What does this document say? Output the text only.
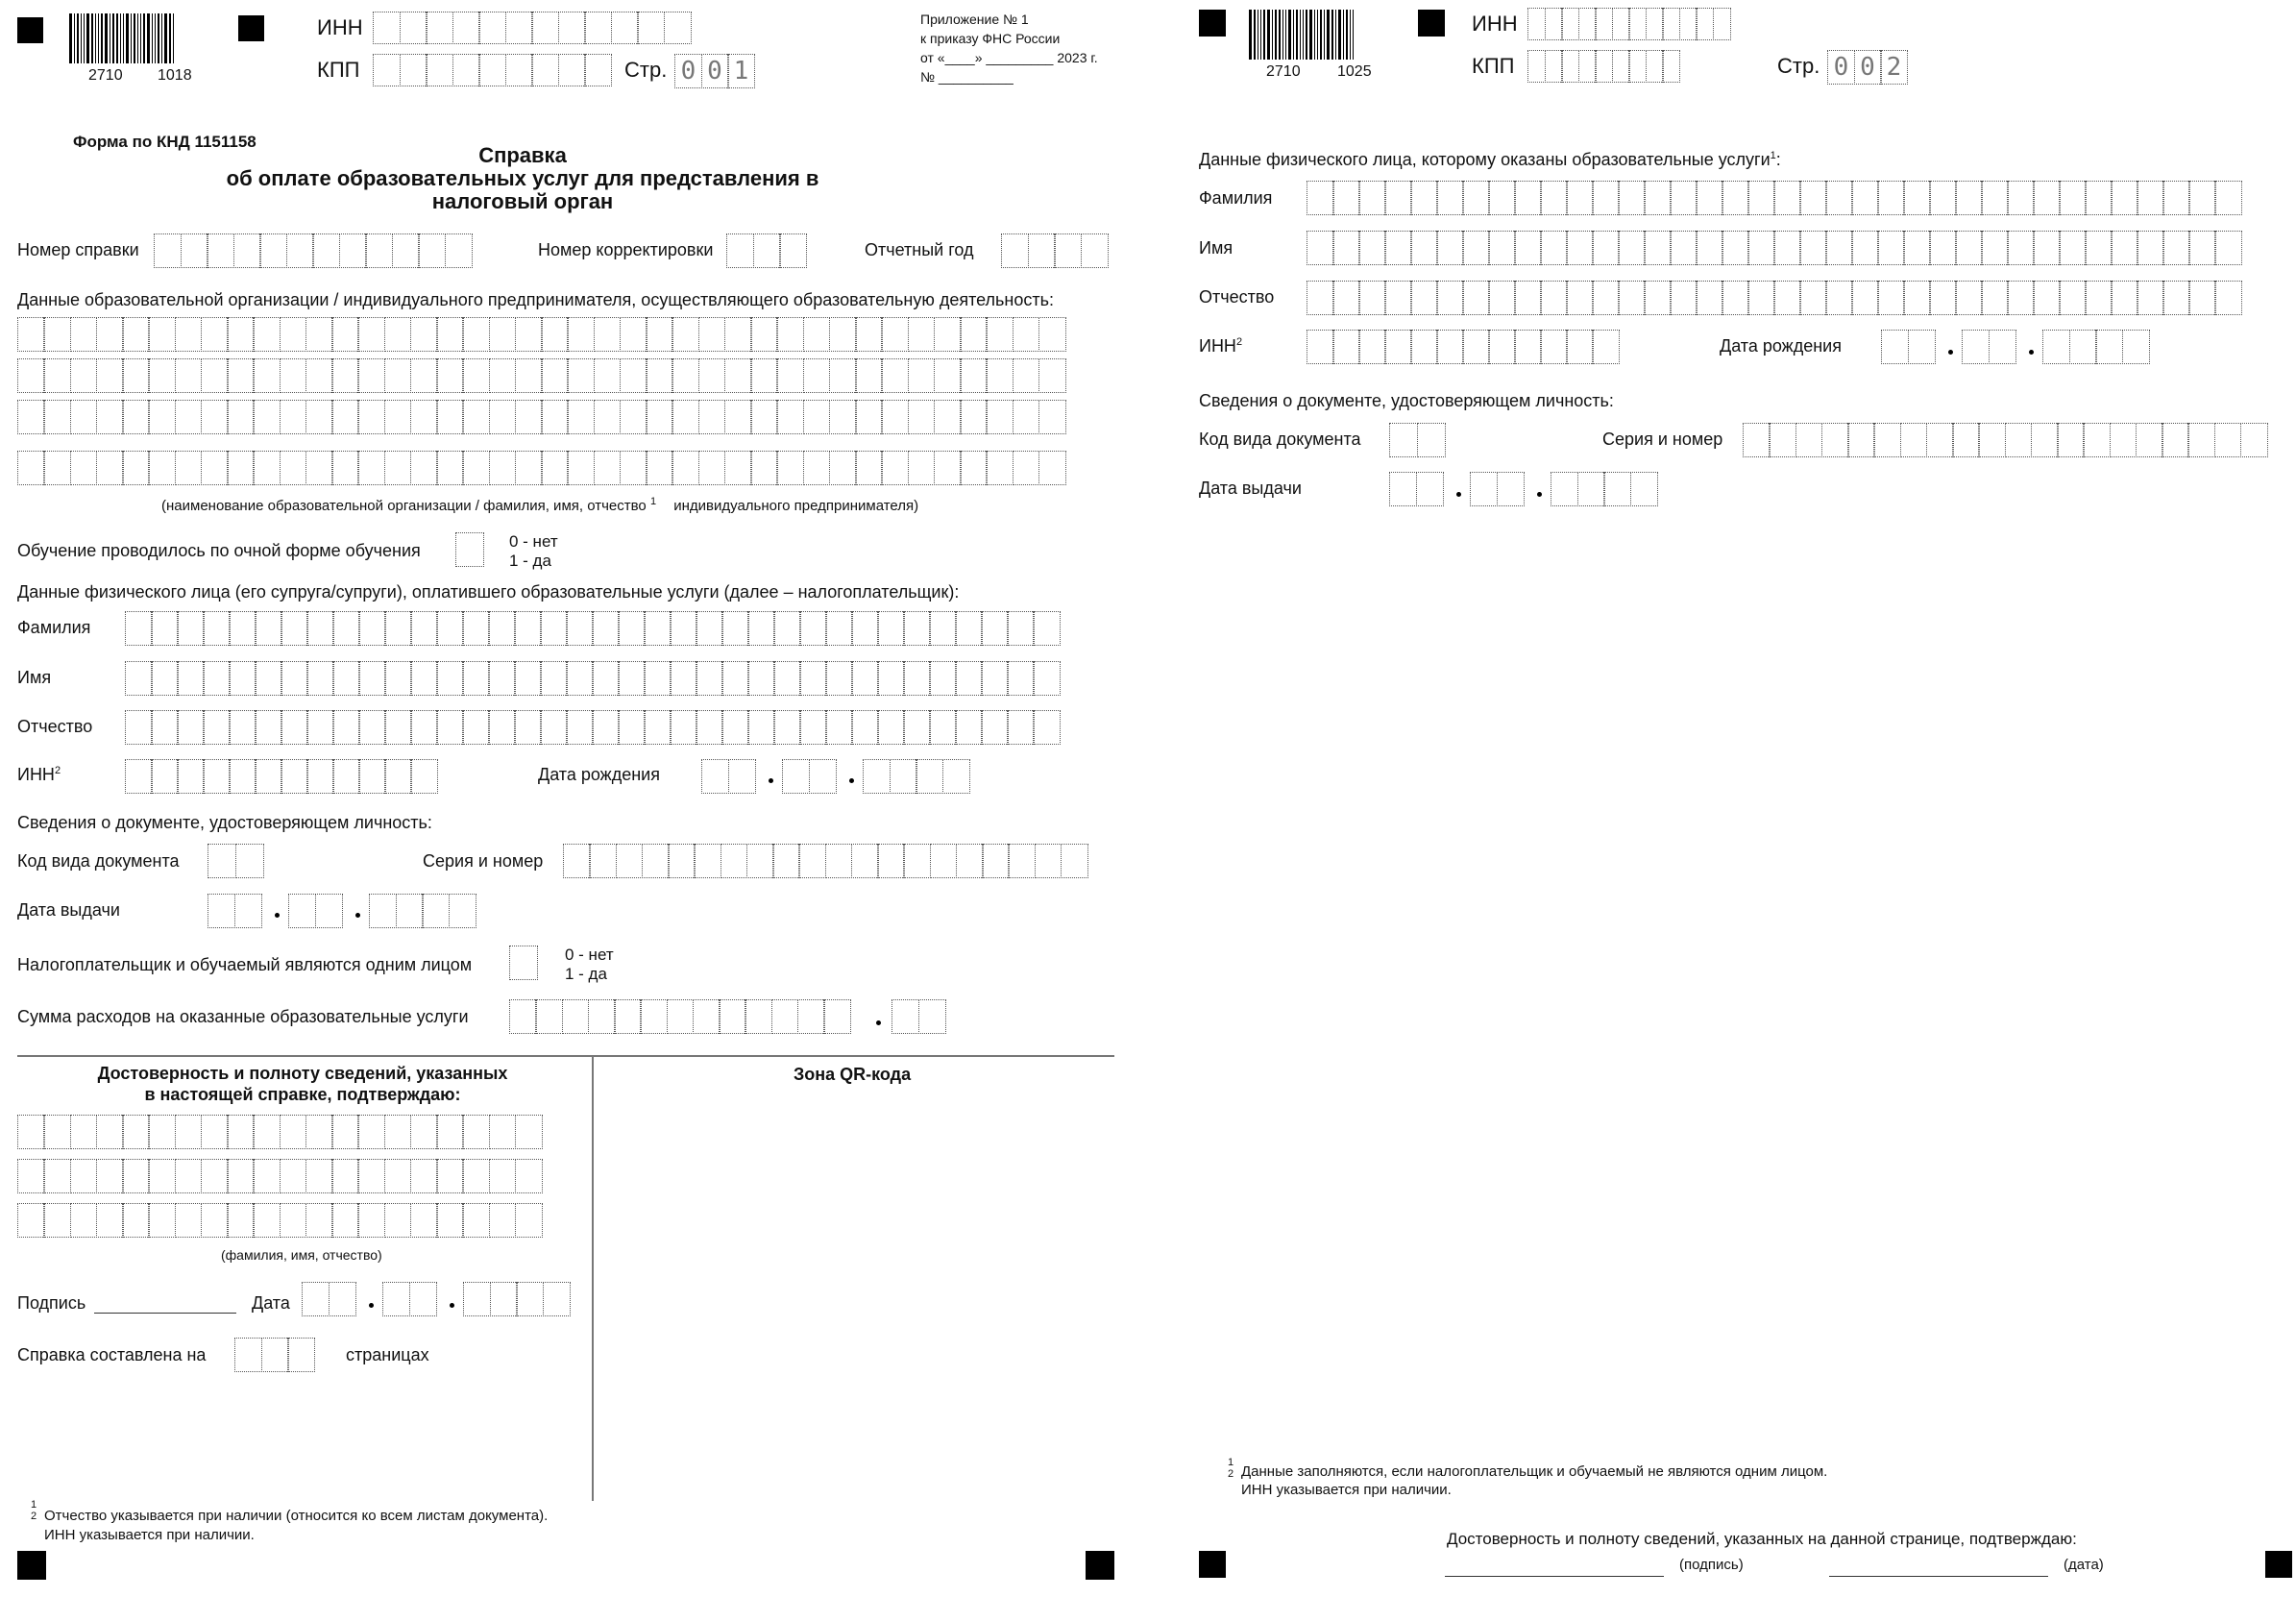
2710 1018
ИНН
КПП	Стр. 0 0 1
Приложение № 1
к приказу ФНС России
от «____» _________ 2023 г.
№ __________
Форма по КНД 1151158
Справка
об оплате образовательных услуг для представления в
налоговый орган
Номер справки	Номер корректировки	Отчетный год
Данные образовательной организации / индивидуального предпринимателя, осуществляющего образовательную деятельность:
(наименование образовательной организации / фамилия, имя, отчество $^1$ индивидуального предпринимателя)
Обучение проводилось по очной форме обучения	0 - нет
1 - да
Данные физического лица (его супруга/супруги), оплатившего образовательные услуги (далее – налогоплательщик):
Фамилия
Имя
Отчество
ИНН$^2$	Дата рождения
Сведения о документе, удостоверяющем личность:
Код вида документа	Серия и номер
Дата выдачи
Налогоплательщик и обучаемый являются одним лицом
0 - нет
1 - да
Сумма расходов на оказанные образовательные услуги
Достоверность и полноту сведений, указанных
в настоящей справке, подтверждаю:
Зона QR-кода
(фамилия, имя, отчество)
Подпись	Дата
Справка составлена на	страницах
1
2 Отчество указывается при наличии (относится ко всем листам документа).
ИНН указывается при наличии.
2710 1025
ИНН
КПП	Стр. 0 0 2
Данные физического лица, которому оказаны образовательные услуги$^1$:
Фамилия
Имя
Отчество
ИНН$^2$	Дата рождения
Сведения о документе, удостоверяющем личность:
Код вида документа	Серия и номер
Дата выдачи
1
2 Данные заполняются, если налогоплательщик и обучаемый не являются одним лицом.
ИНН указывается при наличии.
Достоверность и полноту сведений, указанных на данной странице, подтверждаю:
(подпись)	(дата)
